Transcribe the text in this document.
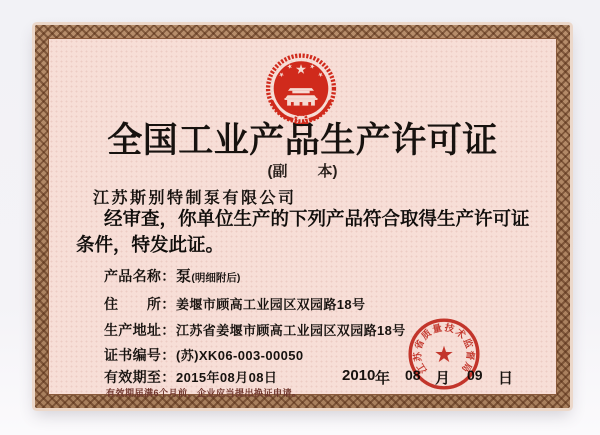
全国工业产品生产许可证
(副　　本)
江苏斯别特制泵有限公司
经审查，你单位生产的下列产品符合取得生产许可证
条件，特发此证。
产品名称：泵(明细附后)
住　　所：姜堰市顾高工业园区双园路18号
生产地址：江苏省姜堰市顾高工业园区双园路18号
证书编号：(苏)XK06-003-00050
有效期至：2015年08月08日
有效期届满6个月前，企业应当提出换证申请。
2010 年 08 月 09 日
江苏省质量技术监督局
